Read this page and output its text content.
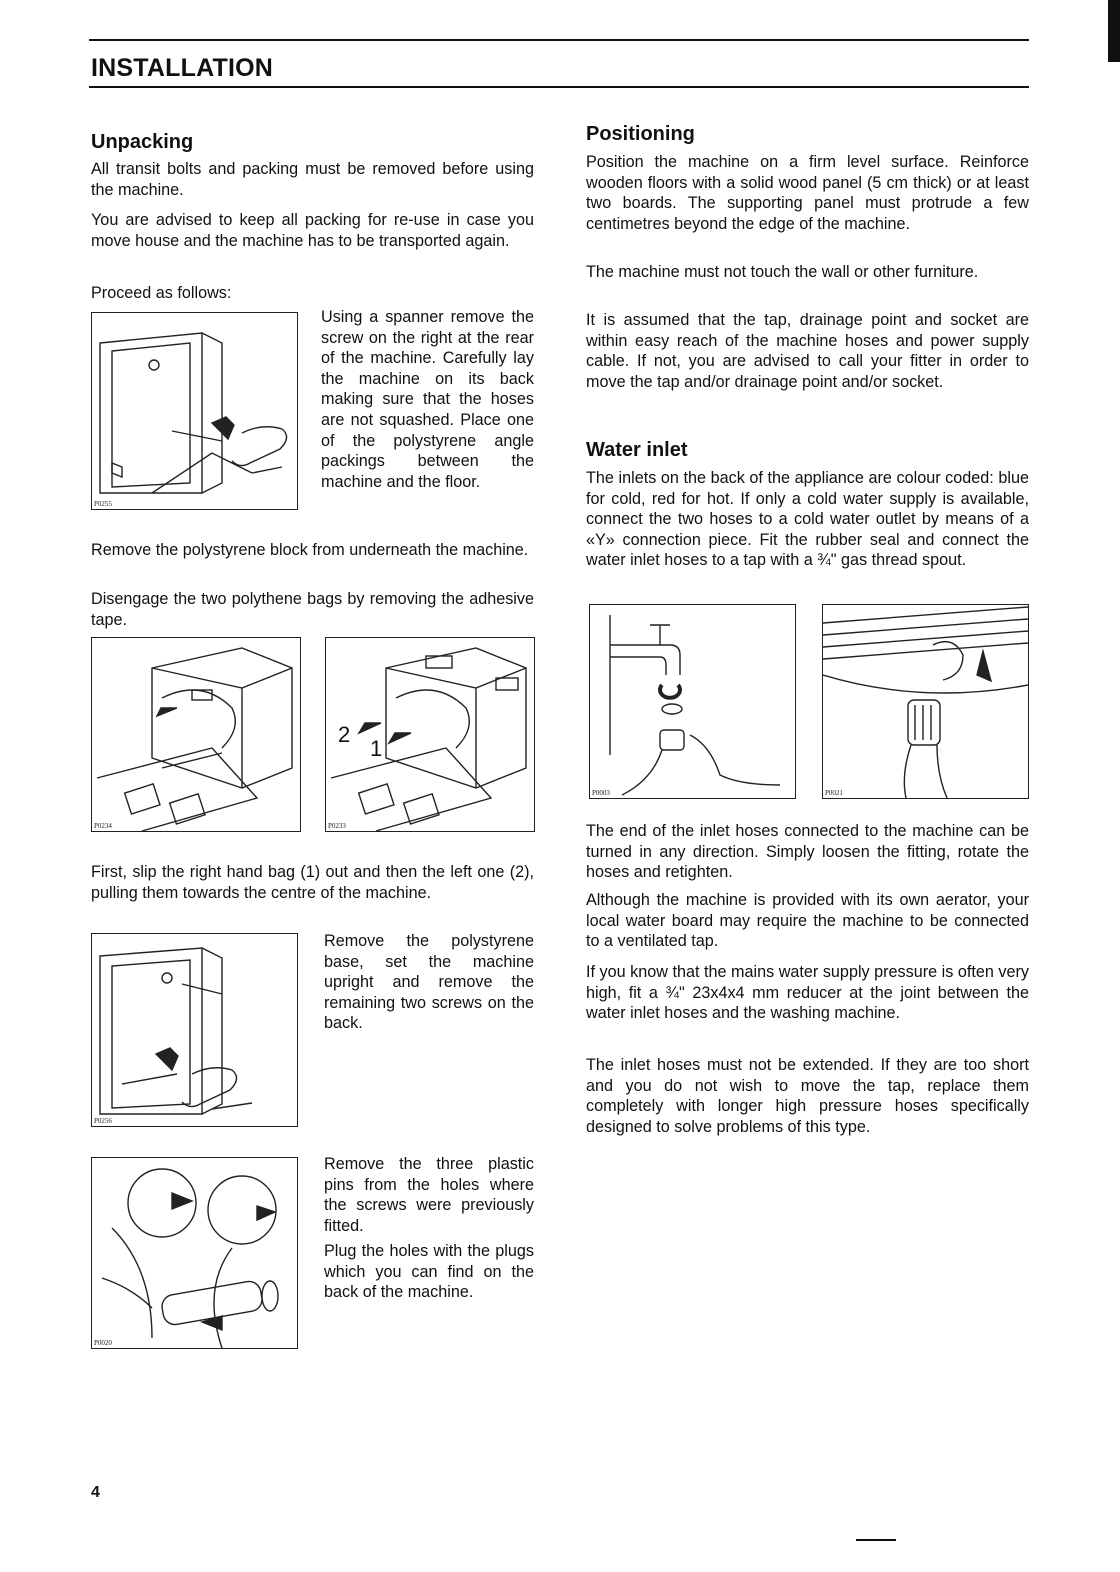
INSTALLATION
Unpacking

All transit bolts and packing must be removed before using the machine.

You are advised to keep all packing for re-use in case you move house and the machine has to be transported again.

Proceed as follows:

P0255

Using a spanner remove the screw on the right at the rear of the machine. Carefully lay the machine on its back making sure that the hoses are not squashed. Place one of the polystyrene angle packings between the machine and the floor.

Remove the polystyrene block from underneath the machine.

Disengage the two polythene bags by removing the adhesive tape.

P0234
2
1
P0233

First, slip the right hand bag (1) out and then the left one (2), pulling them towards the centre of the machine.

P0256

Remove the polystyrene base, set the machine upright and remove the remaining two screws on the back.

P0020

Remove the three plastic pins from the holes where the screws were previously fitted.

Plug the holes with the plugs which you can find on the back of the machine.

Positioning

Position the machine on a firm level surface. Reinforce wooden floors with a solid wood panel (5 cm thick) or at least two boards. The supporting panel must protrude a few centimetres beyond the edge of the machine.

The machine must not touch the wall or other furniture.

It is assumed that the tap, drainage point and socket are within easy reach of the machine hoses and power supply cable. If not, you are advised to call your fitter in order to move the tap and/or drainage point and/or socket.

Water inlet

The inlets on the back of the appliance are colour coded: blue for cold, red for hot. If only a cold water supply is available, connect the two hoses to a cold water outlet by means of a «Y» connection piece. Fit the rubber seal and connect the water inlet hoses to a tap with a ¾" gas thread spout.

P0003	P0021

The end of the inlet hoses connected to the machine can be turned in any direction. Simply loosen the fitting, rotate the hoses and retighten.

Although the machine is provided with its own aerator, your local water board may require the machine to be connected to a ventilated tap.

If you know that the mains water supply pressure is often very high, fit a ¾" 23x4x4 mm reducer at the joint between the water inlet hoses and the washing machine.

The inlet hoses must not be extended. If they are too short and you do not wish to move the tap, replace them completely with longer high pressure hoses specifically designed to solve problems of this type.

4
